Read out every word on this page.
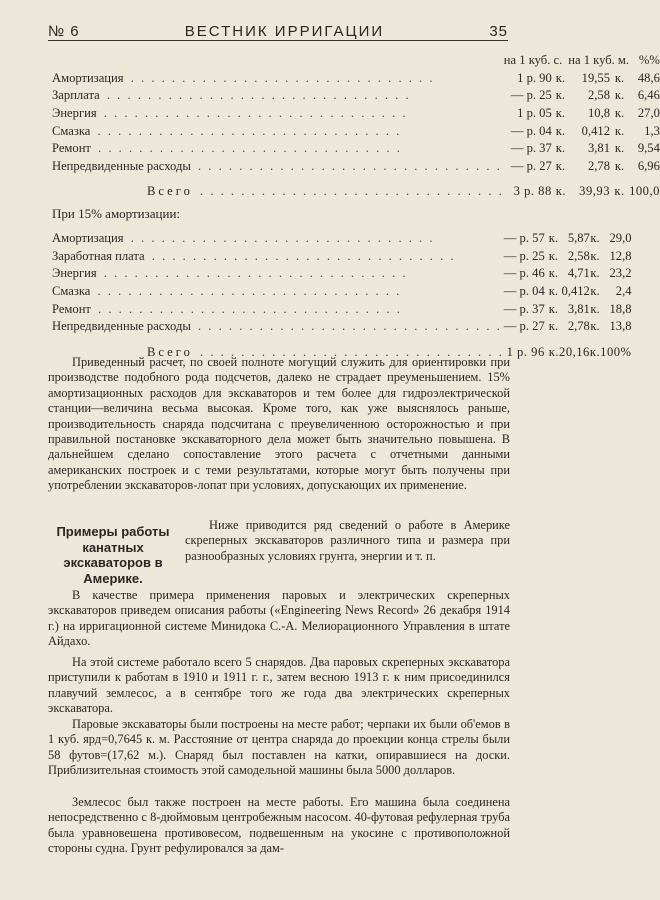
№ 6	ВЕСТНИК ИРРИГАЦИИ	35
	на 1 куб. с.		на 1 куб. м.		%%
Амортизация . . . . . . . . . . . . . . . . . . . . . . . . . . . . . .	1 р. 90	к.	19,55	к.	48,6
Зарплата . . . . . . . . . . . . . . . . . . . . . . . . . . . . . .	— р. 25	к.	2,58	к.	6,46
Энергия . . . . . . . . . . . . . . . . . . . . . . . . . . . . . .	1 р. 05	к.	10,8	к.	27,0
Смазка . . . . . . . . . . . . . . . . . . . . . . . . . . . . . .	— р. 04	к.	0,412	к.	1,3
Ремонт . . . . . . . . . . . . . . . . . . . . . . . . . . . . . .	— р. 37	к.	3,81	к.	9,54
Непредвиденные расходы . . . . . . . . . . . . . . . . . . . . . . . . . . . . . .	— р. 27	к.	2,78	к.	6,96

Всего . . . . . . . . . . . . . . . . . . . . . . . . . . . . . .	3 р. 88	к.	39,93	к.	100,0
При 15% амортизации:
Амортизация . . . . . . . . . . . . . . . . . . . . . . . . . . . . . .	— р. 57	к.	5,87	к.	29,0
Заработная плата . . . . . . . . . . . . . . . . . . . . . . . . . . . . . .	— р. 25	к.	2,58	к.	12,8
Энергия . . . . . . . . . . . . . . . . . . . . . . . . . . . . . .	— р. 46	к.	4,71	к.	23,2
Смазка . . . . . . . . . . . . . . . . . . . . . . . . . . . . . .	— р. 04	к.	0,412	к.	2,4
Ремонт . . . . . . . . . . . . . . . . . . . . . . . . . . . . . .	— р. 37	к.	3,81	к.	18,8
Непредвиденные расходы . . . . . . . . . . . . . . . . . . . . . . . . . . . . . .	— р. 27	к.	2,78	к.	13,8

Всего . . . . . . . . . . . . . . . . . . . . . . . . . . . . . .	1 р. 96	к.	20,16	к.	100%

Приведенный расчет, по своей полноте могущий служить для ориентировки при производстве подобного рода подсчетов, далеко не страдает преуменьшением. 15% амортизационных расходов для экскаваторов и тем более для гидроэлектрической станции—величина весьма высокая. Кроме того, как уже выяснялось раньше, производительность снаряда подсчитана с преувеличенною осторожностью и при правильной постановке экскаваторного дела может быть значительно повышена. В дальнейшем сделано сопоставление этого расчета с отчетными данными американских построек и с теми результатами, которые могут быть получены при употреблении экскаваторов-лопат при условиях, допускающих их применение.

Примеры работы канатных экскаваторов в Америке.

Ниже приводится ряд сведений о работе в Америке скреперных экскаваторов различного типа и размера при разнообразных условиях грунта, энергии и т. п.

В качестве примера применения паровых и электрических скреперных экскаваторов приведем описания работы («Engineering News Record» 26 декабря 1914 г.) на ирригационной системе Минидока С.-А. Мелиорационного Управления в штате Айдахо.

На этой системе работало всего 5 снарядов. Два паровых скреперных экскаватора приступили к работам в 1910 и 1911 г. г., затем весною 1913 г. к ним присоединился плавучий землесос, а в сентябре того же года два электрических скреперных экскаватора.

Паровые экскаваторы были построены на месте работ; черпаки их были об'емов в 1 куб. ярд=0,7645 к. м. Расстояние от центра снаряда до проекции конца стрелы были 58 футов=(17,62 м.). Снаряд был поставлен на катки, опиравшиеся на доски. Приблизительная стоимость этой самодельной машины была 5000 долларов.

Землесос был также построен на месте работы. Его машина была соединена непосредственно с 8-дюймовым центробежным насосом. 40-футовая рефулерная труба была уравновешена противовесом, подвешенным на укосине с противоположной стороны судна. Грунт рефулировался за дам-
